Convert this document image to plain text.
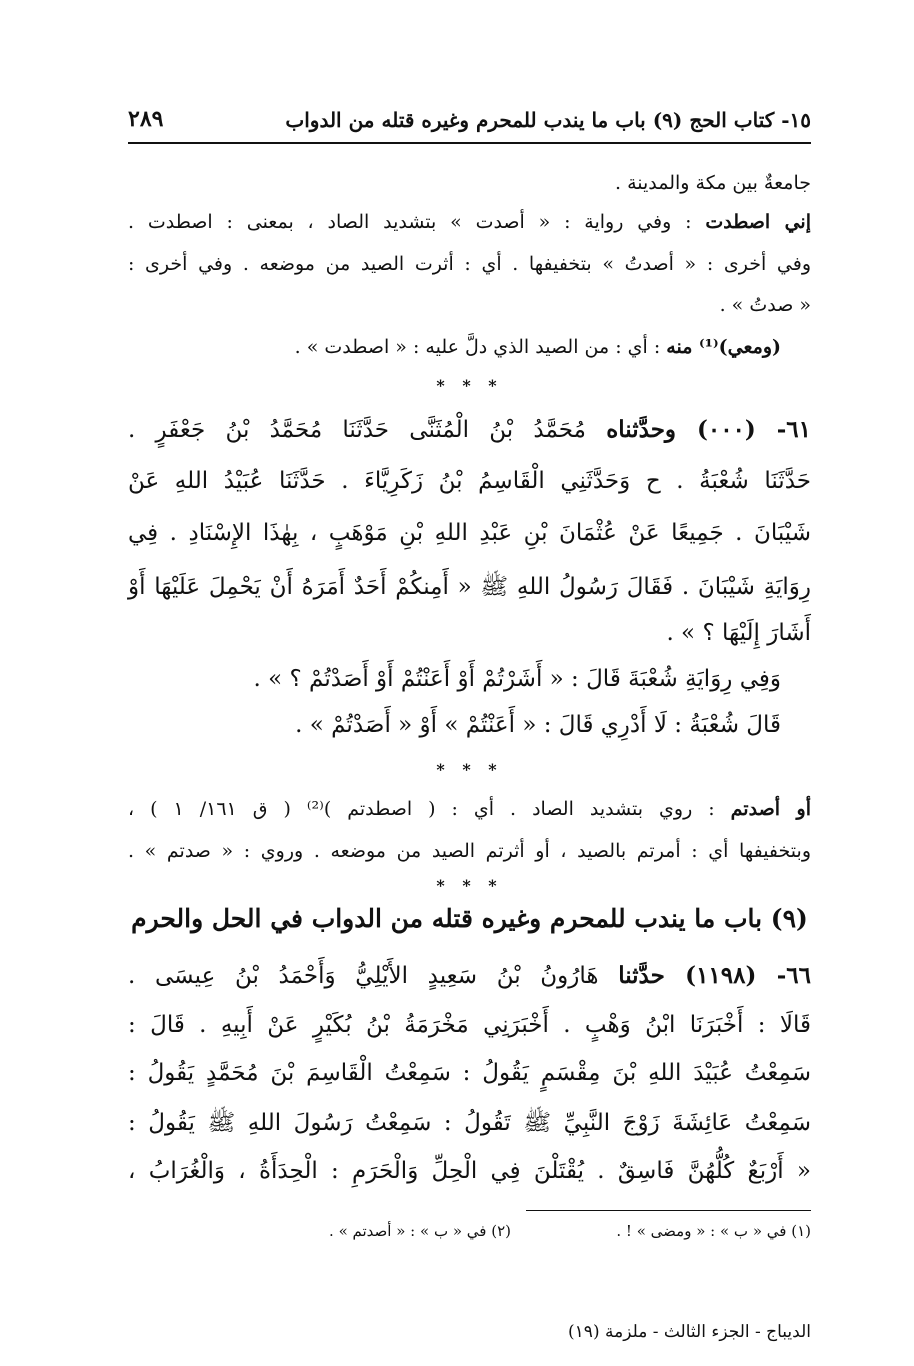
١٥- كتاب الحج (٩) باب ما يندب للمحرم وغيره قتله من الدواب
٢٨٩
جامعةٌ بين مكة والمدينة .
إني اصطدت : وفي رواية : « أصدت » بتشديد الصاد ، بمعنى : اصطدت .
وفي أخرى : « أصدتُ » بتخفيفها . أي : أثرت الصيد من موضعه . وفي أخرى :
« صدتُ » .
(ومعي)⁽¹⁾ منه : أي : من الصيد الذي دلَّ عليه : « اصطدت » .
* * *
٦١- (٠٠٠) وحدَّثناه مُحَمَّدُ بْنُ الْمُثَنَّى حَدَّثَنَا مُحَمَّدُ بْنُ جَعْفَرٍ .
حَدَّثَنَا شُعْبَةُ . ح وَحَدَّثَنِي الْقَاسِمُ بْنُ زَكَرِيَّاءَ . حَدَّثَنَا عُبَيْدُ اللهِ عَنْ
شَيْبَانَ . جَمِيعًا عَنْ عُثْمَانَ بْنِ عَبْدِ اللهِ بْنِ مَوْهَبٍ ، بِهٰذَا الإِسْنَادِ . فِي
رِوَايَةِ شَيْبَانَ . فَقَالَ رَسُولُ اللهِ ﷺ « أَمِنكُمْ أَحَدٌ أَمَرَهُ أَنْ يَحْمِلَ عَلَيْهَا أَوْ
أَشَارَ إِلَيْهَا ؟ » .
وَفِي رِوَايَةِ شُعْبَةَ قَالَ : « أَشَرْتُمْ أَوْ أَعَنْتُمْ أَوْ أَصَدْتُمْ ؟ » .
قَالَ شُعْبَةُ : لَا أَدْرِي قَالَ : « أَعَنْتُمْ » أَوْ « أَصَدْتُمْ » .
* * *
أو أصدتم : روي بتشديد الصاد . أي : ( اصطدتم )⁽²⁾ ( ق ١٦١/ ١ ) ،
وبتخفيفها أي : أمرتم بالصيد ، أو أثرتم الصيد من موضعه . وروي : « صدتم » .
* * *
(٩) باب ما يندب للمحرم وغيره قتله من الدواب في الحل والحرم
٦٦- (١١٩٨) حدَّثنا هَارُونُ بْنُ سَعِيدٍ الأَيْلِيُّ وَأَحْمَدُ بْنُ عِيسَى .
قَالَا : أَخْبَرَنَا ابْنُ وَهْبٍ . أَخْبَرَنِي مَخْرَمَةُ بْنُ بُكَيْرٍ عَنْ أَبِيهِ . قَالَ :
سَمِعْتُ عُبَيْدَ اللهِ بْنَ مِقْسَمٍ يَقُولُ : سَمِعْتُ الْقَاسِمَ بْنَ مُحَمَّدٍ يَقُولُ :
سَمِعْتُ عَائِشَةَ زَوْجَ النَّبِيِّ ﷺ تَقُولُ : سَمِعْتُ رَسُولَ اللهِ ﷺ يَقُولُ :
« أَرْبَعٌ كُلُّهُنَّ فَاسِقٌ . يُقْتَلْنَ فِي الْحِلِّ وَالْحَرَمِ : الْحِدَأَةُ ، وَالْغُرَابُ ،
(١) في « ب » : « ومضى » ! .
(٢) في « ب » : « أصدتم » .
الديباج - الجزء الثالث - ملزمة (١٩)
